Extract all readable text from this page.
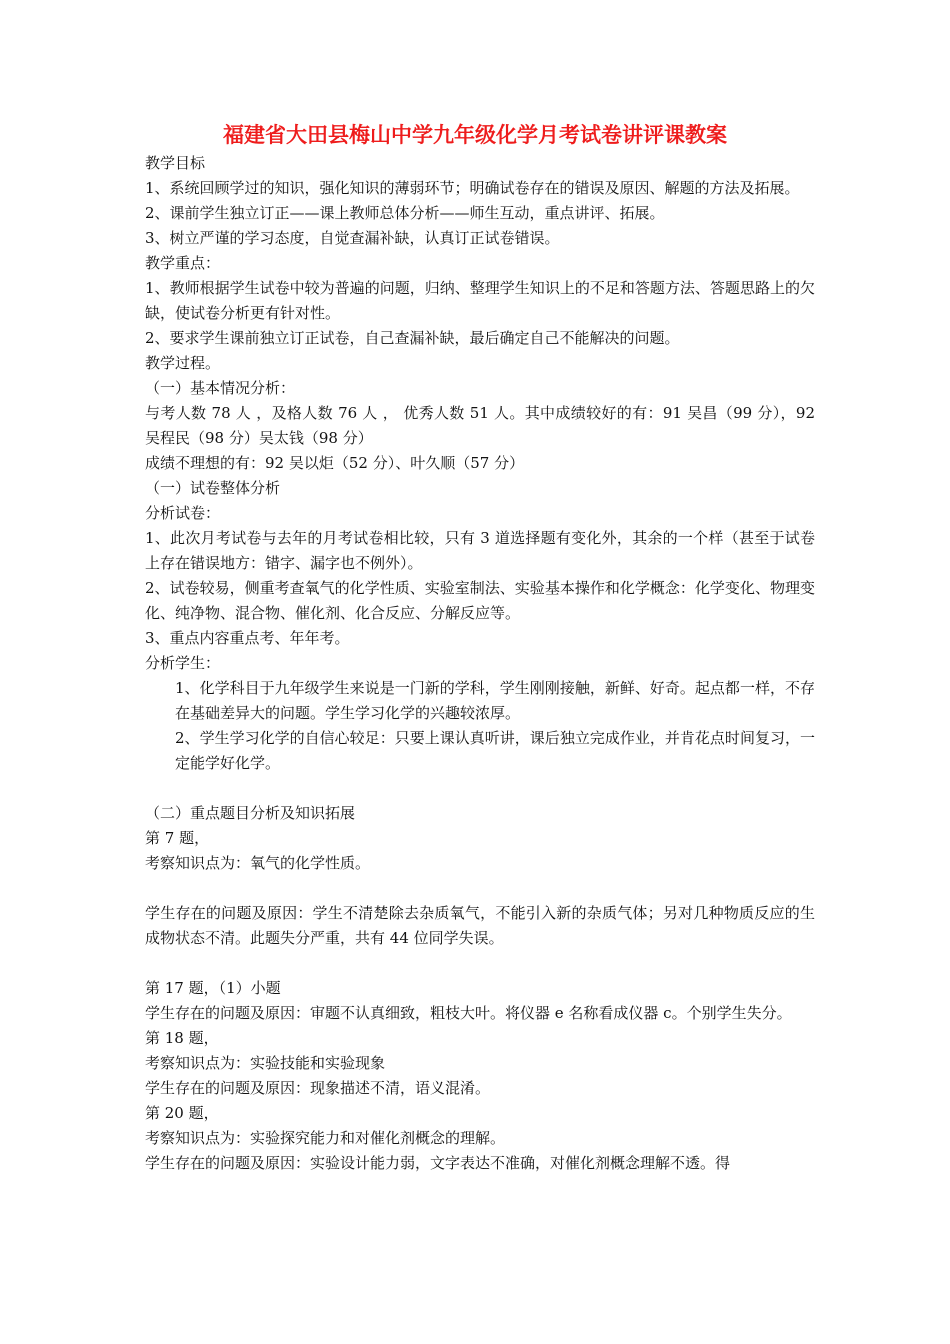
福建省大田县梅山中学九年级化学月考试卷讲评课教案

教学目标

1、系统回顾学过的知识，强化知识的薄弱环节；明确试卷存在的错误及原因、解题的方法及拓展。

2、课前学生独立订正——课上教师总体分析——师生互动，重点讲评、拓展。

3、树立严谨的学习态度，自觉查漏补缺，认真订正试卷错误。

教学重点：

1、教师根据学生试卷中较为普遍的问题，归纳、整理学生知识上的不足和答题方法、答题思路上的欠缺，使试卷分析更有针对性。

2、要求学生课前独立订正试卷，自己查漏补缺，最后确定自己不能解决的问题。

教学过程。

（一）基本情况分析：

与考人数 78 人 ，及格人数 76 人 ， 优秀人数 51 人。其中成绩较好的有：91 吴昌（99 分），92 吴程民（98 分）吴太钱（98 分）

成绩不理想的有：92 吴以炬（52 分）、叶久顺（57 分）

（一）试卷整体分析

分析试卷：

1、此次月考试卷与去年的月考试卷相比较，只有 3 道选择题有变化外，其余的一个样（甚至于试卷上存在错误地方：错字、漏字也不例外）。

2、试卷较易，侧重考查氧气的化学性质、实验室制法、实验基本操作和化学概念：化学变化、物理变化、纯净物、混合物、催化剂、化合反应、分解反应等。

3、重点内容重点考、年年考。

分析学生：

1、化学科目于九年级学生来说是一门新的学科，学生刚刚接触，新鲜、好奇。起点都一样，不存在基础差异大的问题。学生学习化学的兴趣较浓厚。

2、学生学习化学的自信心较足：只要上课认真听讲，课后独立完成作业，并肯花点时间复习，一定能学好化学。

（二）重点题目分析及知识拓展

第 7 题，

考察知识点为：氧气的化学性质。

学生存在的问题及原因：学生不清楚除去杂质氧气，不能引入新的杂质气体；另对几种物质反应的生成物状态不清。此题失分严重，共有 44 位同学失误。

第 17 题，（1）小题

学生存在的问题及原因：审题不认真细致，粗枝大叶。将仪器 e 名称看成仪器 c。个别学生失分。

第 18 题，

考察知识点为：实验技能和实验现象

学生存在的问题及原因：现象描述不清，语义混淆。

第 20 题，

考察知识点为：实验探究能力和对催化剂概念的理解。

学生存在的问题及原因：实验设计能力弱，文字表达不准确，对催化剂概念理解不透。得
